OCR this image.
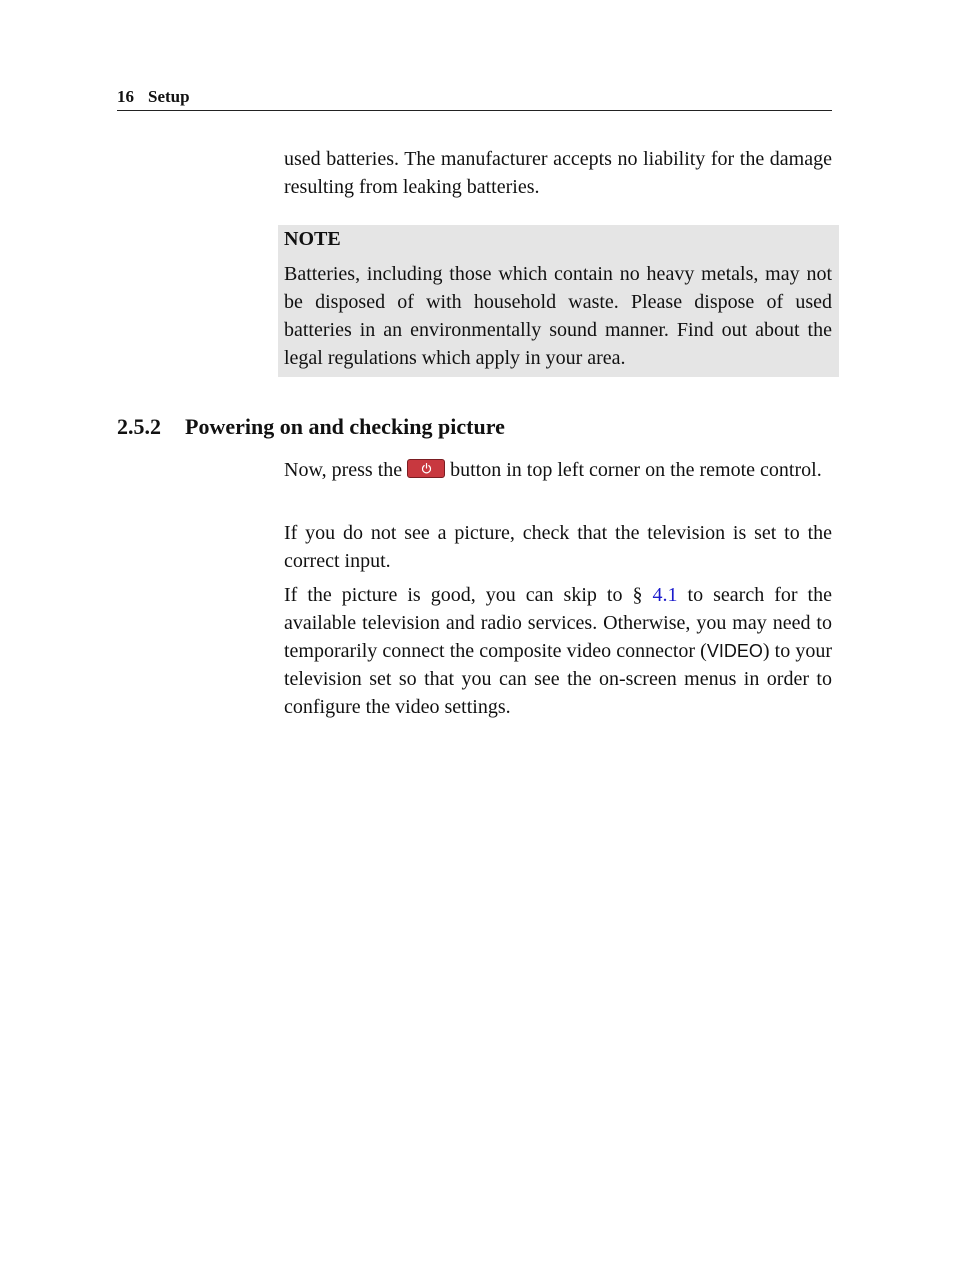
16 Setup

used batteries. The manufacturer accepts no liability for the damage resulting from leaking batteries.

NOTE

Batteries, including those which contain no heavy metals, may not be disposed of with household waste. Please dispose of used batteries in an environmentally sound manner. Find out about the legal regulations which apply in your area.

2.5.2 Powering on and checking picture

Now, press the
button in top left corner on the remote control.

If you do not see a picture, check that the television is set to the correct input.

If the picture is good, you can skip to § 4.1 to search for the available television and radio services. Otherwise, you may need to temporarily connect the composite video connector (VIDEO) to your television set so that you can see the on-screen menus in order to configure the video settings.
